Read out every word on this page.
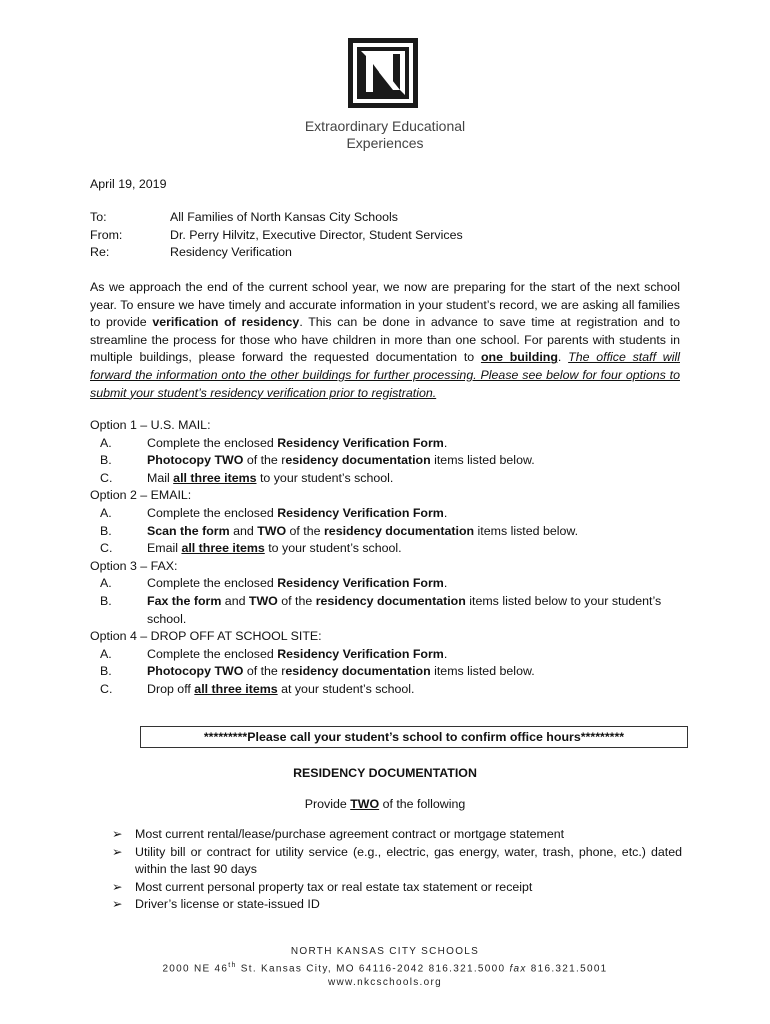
Extraordinary Educational
Experiences
April 19, 2019
To:	All Families of North Kansas City Schools
From:	Dr. Perry Hilvitz, Executive Director, Student Services
Re:	Residency Verification
As we approach the end of the current school year, we now are preparing for the start of the next school year. To ensure we have timely and accurate information in your student’s record, we are asking all families to provide verification of residency. This can be done in advance to save time at registration and to streamline the process for those who have children in more than one school. For parents with students in multiple buildings, please forward the requested documentation to one building. The office staff will forward the information onto the other buildings for further processing. Please see below for four options to submit your student’s residency verification prior to registration.
Option 1 – U.S. MAIL:
A.	Complete the enclosed Residency Verification Form.
B.	Photocopy TWO of the residency documentation items listed below.
C.	Mail all three items to your student’s school.
Option 2 – EMAIL:
A.	Complete the enclosed Residency Verification Form.
B.	Scan the form and TWO of the residency documentation items listed below.
C.	Email all three items to your student’s school.
Option 3 – FAX:
A.	Complete the enclosed Residency Verification Form.
B.	Fax the form and TWO of the residency documentation items listed below to your student’s school.
Option 4 – DROP OFF AT SCHOOL SITE:
A.	Complete the enclosed Residency Verification Form.
B.	Photocopy TWO of the residency documentation items listed below.
C.	Drop off all three items at your student’s school.
*********Please call your student’s school to confirm office hours*********
RESIDENCY DOCUMENTATION
Provide TWO of the following
➢	Most current rental/lease/purchase agreement contract or mortgage statement
➢	Utility bill or contract for utility service (e.g., electric, gas energy, water, trash, phone, etc.) dated within the last 90 days
➢	Most current personal property tax or real estate tax statement or receipt
➢	Driver’s license or state-issued ID
NORTH KANSAS CITY SCHOOLS
2000 NE 46th St. Kansas City, MO 64116-2042 816.321.5000 fax 816.321.5001
www.nkcschools.org
